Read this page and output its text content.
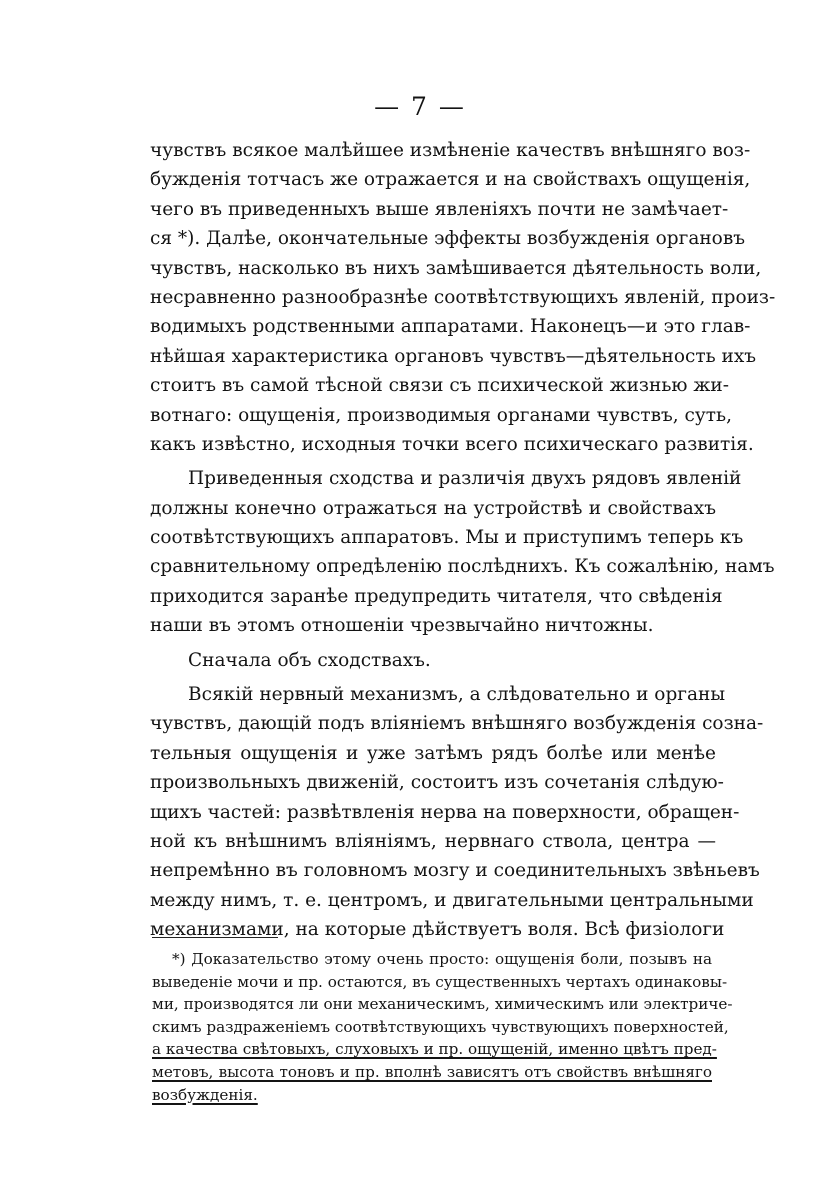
— 7 —
чувствъ всякое малѣйшее измѣненіе качествъ внѣшняго воз-
бужденія тотчасъ же отражается и на свойствахъ ощущенія,
чего въ приведенныхъ выше явленіяхъ почти не замѣчает-
ся *). Далѣе, окончательные эффекты возбужденія органовъ
чувствъ, насколько въ нихъ замѣшивается дѣятельность воли,
несравненно разнообразнѣе соотвѣтствующихъ явленій, произ-
водимыхъ родственными аппаратами. Наконецъ—и это глав-
нѣйшая характеристика органовъ чувствъ—дѣятельность ихъ
стоитъ въ самой тѣсной связи съ психической жизнью жи-
вотнаго: ощущенія, производимыя органами чувствъ, суть,
какъ извѣстно, исходныя точки всего психическаго развитія.
Приведенныя сходства и различія двухъ рядовъ явленій
должны конечно отражаться на устройствѣ и свойствахъ
соотвѣтствующихъ аппаратовъ. Мы и приступимъ теперь къ
сравнительному опредѣленію послѣднихъ. Къ сожалѣнію, намъ
приходится заранѣе предупредить читателя, что свѣденія
наши въ этомъ отношеніи чрезвычайно ничтожны.
Сначала объ сходствахъ.
Всякій нервный механизмъ, а слѣдовательно и органы
чувствъ, дающій подъ вліяніемъ внѣшняго возбужденія созна-
тельныя ощущенія и уже затѣмъ рядъ болѣе или менѣе
произвольныхъ движеній, состоитъ изъ сочетанія слѣдую-
щихъ частей: развѣтвленія нерва на поверхности, обращен-
ной къ внѣшнимъ вліяніямъ, нервнаго ствола, центра —
непремѣнно въ головномъ мозгу и соединительныхъ звѣньевъ
между нимъ, т. е. центромъ, и двигательными центральными
механизмами, на которые дѣйствуетъ воля. Всѣ физіологи
*) Доказательство этому очень просто: ощущенія боли, позывъ на
выведеніе мочи и пр. остаются, въ существенныхъ чертахъ одинаковы-
ми, производятся ли они механическимъ, химическимъ или электриче-
скимъ раздраженіемъ соотвѣтствующихъ чувствующихъ поверхностей,
а качества свѣтовыхъ, слуховыхъ и пр. ощущеній, именно цвѣтъ пред-
метовъ, высота тоновъ и пр. вполнѣ зависятъ отъ свойствъ внѣшняго
возбужденія.
